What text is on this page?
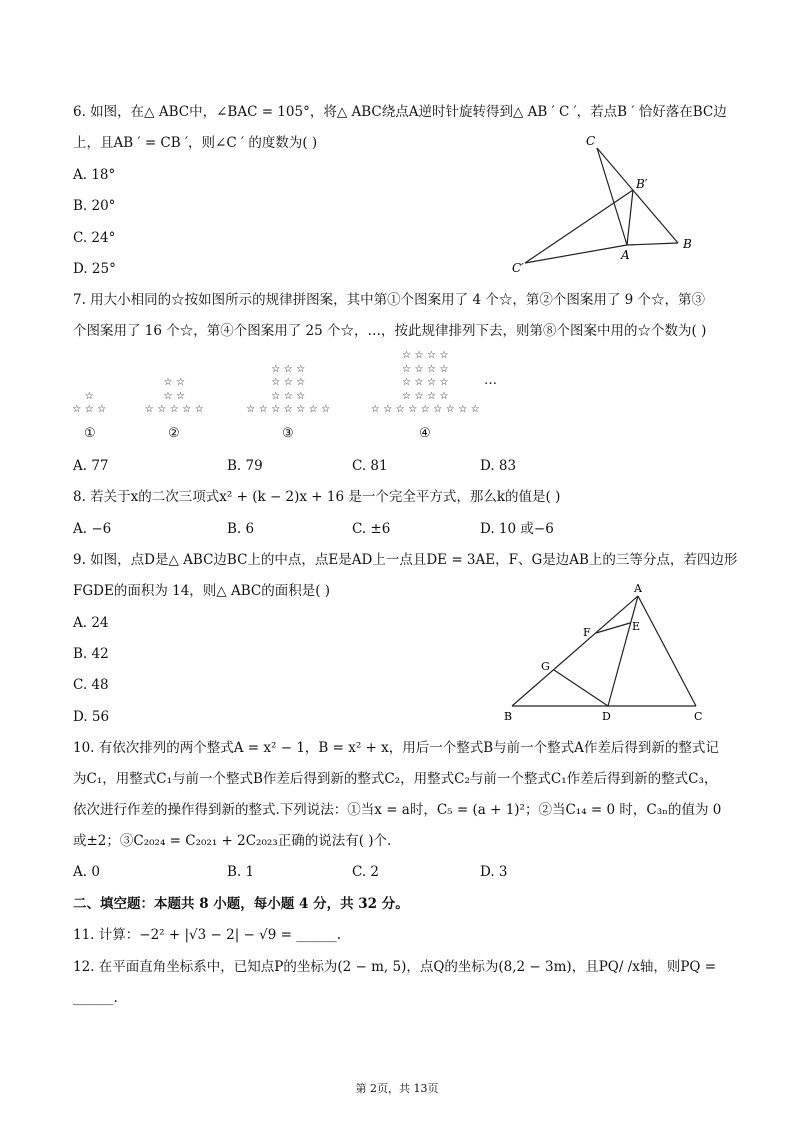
6. 如图，在△ ABC中，∠BAC = 105°，将△ ABC绕点A逆时针旋转得到△ AB ′ C ′，若点B ′ 恰好落在BC边
上，且AB ′ = CB ′，则∠C ′ 的度数为( )
A. 18°
B. 20°
C. 24°
D. 25°
C
B′
B
A
C′
7. 用大小相同的☆按如图所示的规律拼图案，其中第①个图案用了 4 个☆，第②个图案用了 9 个☆，第③
个图案用了 16 个☆，第④个图案用了 25 个☆，…，按此规律排列下去，则第⑧个图案中用的☆个数为( )
☆
☆ ☆ ☆
☆ ☆
☆ ☆
☆ ☆ ☆ ☆ ☆
☆ ☆ ☆
☆ ☆ ☆
☆ ☆ ☆
☆ ☆ ☆ ☆ ☆ ☆ ☆
☆ ☆ ☆ ☆
☆ ☆ ☆ ☆
☆ ☆ ☆ ☆
☆ ☆ ☆ ☆
☆ ☆ ☆ ☆ ☆ ☆ ☆ ☆ ☆
…
①	②	③	④
A. 77	B. 79	C. 81	D. 83
8. 若关于x的二次三项式x² + (k − 2)x + 16 是一个完全平方式，那么k的值是( )
A. −6	B. 6	C. ±6	D. 10 或−6
9. 如图，点D是△ ABC边BC上的中点，点E是AD上一点且DE = 3AE，F、G是边AB上的三等分点，若四边形
FGDE的面积为 14，则△ ABC的面积是( )
A. 24
B. 42
C. 48
D. 56
A
F	E
G
B	D	C
10. 有依次排列的两个整式A = x² − 1，B = x² + x，用后一个整式B与前一个整式A作差后得到新的整式记
为C₁，用整式C₁与前一个整式B作差后得到新的整式C₂，用整式C₂与前一个整式C₁作差后得到新的整式C₃，
依次进行作差的操作得到新的整式.下列说法：①当x = a时，C₅ = (a + 1)²；②当C₁₄ = 0 时，C₃ₙ的值为 0
或±2；③C₂₀₂₄ = C₂₀₂₁ + 2C₂₀₂₃正确的说法有( )个.
A. 0	B. 1	C. 2	D. 3
二、填空题：本题共 8 小题，每小题 4 分，共 32 分。
11. 计算：−2² + |√3 − 2| − √9 = ______.
12. 在平面直角坐标系中，已知点P的坐标为(2 − m, 5)，点Q的坐标为(8,2 − 3m)，且PQ/ /x轴，则PQ =
______.
第 2页，共 13页
